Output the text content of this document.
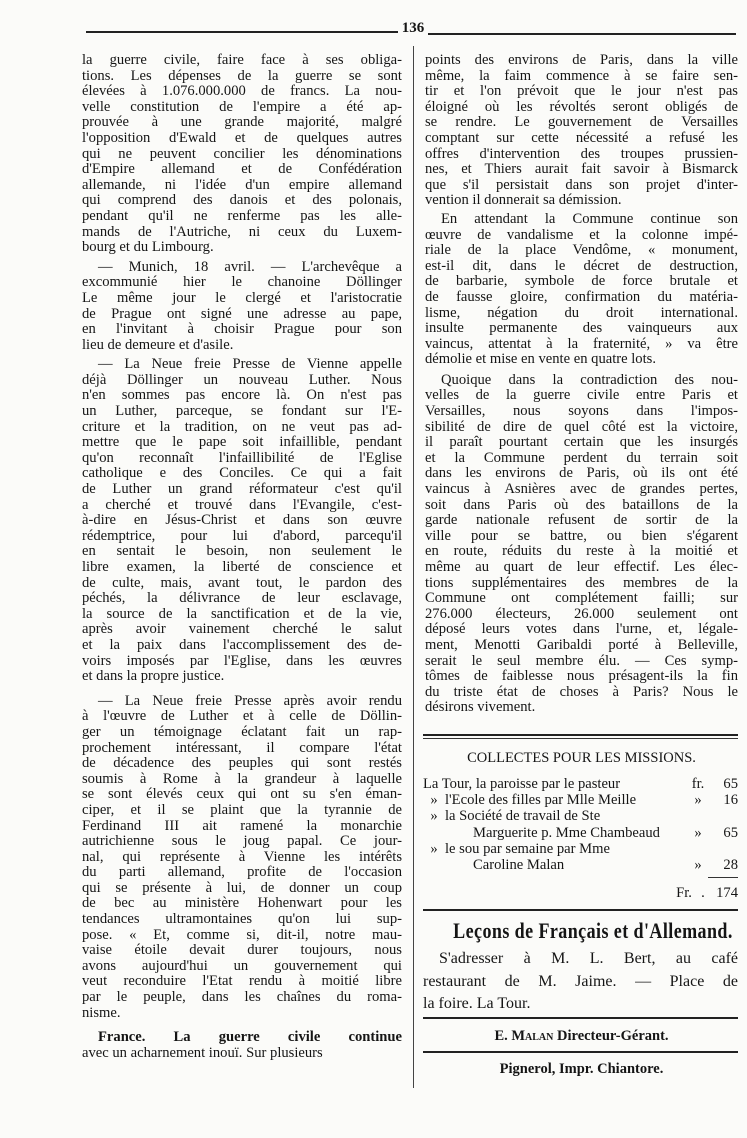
136
la guerre civile, faire face à ses obliga-
tions. Les dépenses de la guerre se sont
élevées à 1.076.000.000 de francs. La nou-
velle constitution de l'empire a été ap-
prouvée à une grande majorité, malgré
l'opposition d'Ewald et de quelques autres
qui ne peuvent concilier les dénominations
d'Empire allemand et de Confédération
allemande, ni l'idée d'un empire allemand
qui comprend des danois et des polonais,
pendant qu'il ne renferme pas les alle-
mands de l'Autriche, ni ceux du Luxem-
bourg et du Limbourg.
— Munich, 18 avril. — L'archevêque a
excommunié hier le chanoine Döllinger
Le même jour le clergé et l'aristocratie
de Prague ont signé une adresse au pape,
en l'invitant à choisir Prague pour son
lieu de demeure et d'asile.
— La Neue freie Presse de Vienne appelle
déjà Döllinger un nouveau Luther. Nous
n'en sommes pas encore là. On n'est pas
un Luther, parceque, se fondant sur l'E-
criture et la tradition, on ne veut pas ad-
mettre que le pape soit infaillible, pendant
qu'on reconnaît l'infaillibilité de l'Eglise
catholique e des Conciles. Ce qui a fait
de Luther un grand réformateur c'est qu'il
a cherché et trouvé dans l'Evangile, c'est-
à-dire en Jésus-Christ et dans son œuvre
rédemptrice, pour lui d'abord, parcequ'il
en sentait le besoin, non seulement le
libre examen, la liberté de conscience et
de culte, mais, avant tout, le pardon des
péchés, la délivrance de leur esclavage,
la source de la sanctification et de la vie,
après avoir vainement cherché le salut
et la paix dans l'accomplissement des de-
voirs imposés par l'Eglise, dans les œuvres
et dans la propre justice.
— La Neue freie Presse après avoir rendu
à l'œuvre de Luther et à celle de Döllin-
ger un témoignage éclatant fait un rap-
prochement intéressant, il compare l'état
de décadence des peuples qui sont restés
soumis à Rome à la grandeur à laquelle
se sont élevés ceux qui ont su s'en éman-
ciper, et il se plaint que la tyrannie de
Ferdinand III ait ramené la monarchie
autrichienne sous le joug papal. Ce jour-
nal, qui représente à Vienne les intérêts
du parti allemand, profite de l'occasion
qui se présente à lui, de donner un coup
de bec au ministère Hohenwart pour les
tendances ultramontaines qu'on lui sup-
pose. « Et, comme si, dit-il, notre mau-
vaise étoile devait durer toujours, nous
avons aujourd'hui un gouvernement qui
veut reconduire l'Etat rendu à moitié libre
par le peuple, dans les chaînes du roma-
nisme.
France. La guerre civile continue
avec un acharnement inouï. Sur plusieurs
points des environs de Paris, dans la ville
même, la faim commence à se faire sen-
tir et l'on prévoit que le jour n'est pas
éloigné où les révoltés seront obligés de
se rendre. Le gouvernement de Versailles
comptant sur cette nécessité a refusé les
offres d'intervention des troupes prussien-
nes, et Thiers aurait fait savoir à Bismarck
que s'il persistait dans son projet d'inter-
vention il donnerait sa démission.
En attendant la Commune continue son
œuvre de vandalisme et la colonne impé-
riale de la place Vendôme, « monument,
est-il dit, dans le décret de destruction,
de barbarie, symbole de force brutale et
de fausse gloire, confirmation du matéria-
lisme, négation du droit international.
insulte permanente des vainqueurs aux
vaincus, attentat à la fraternité, » va être
démolie et mise en vente en quatre lots.
Quoique dans la contradiction des nou-
velles de la guerre civile entre Paris et
Versailles, nous soyons dans l'impos-
sibilité de dire de quel côté est la victoire,
il paraît pourtant certain que les insurgés
et la Commune perdent du terrain soit
dans les environs de Paris, où ils ont été
vaincus à Asnières avec de grandes pertes,
soit dans Paris où des bataillons de la
garde nationale refusent de sortir de la
ville pour se battre, ou bien s'égarent
en route, réduits du reste à la moitié et
même au quart de leur effectif. Les élec-
tions supplémentaires des membres de la
Commune ont complétement failli; sur
276.000 électeurs, 26.000 seulement ont
déposé leurs votes dans l'urne, et, légale-
ment, Menotti Garibaldi porté à Belleville,
serait le seul membre élu. — Ces symp-
tômes de faiblesse nous présagent-ils la fin
du triste état de choses à Paris? Nous le
désirons vivement.
COLLECTES POUR LES MISSIONS.
La Tour, la paroisse par le pasteur	fr.	65
» l'Ecole des filles par Mlle Meille	»	16
» la Société de travail de Ste
Marguerite p. Mme Chambeaud	»	65
» le sou par semaine par Mme
Caroline Malan	»	28
Fr. . 174
Leçons de Français et d'Allemand.
S'adresser à M. L. Bert, au café
restaurant de M. Jaime. — Place de
la foire. La Tour.
E. Malan Directeur-Gérant.
Pignerol, Impr. Chiantore.
